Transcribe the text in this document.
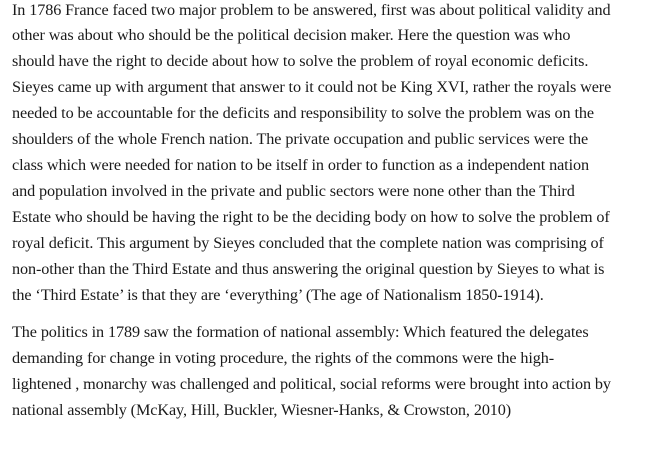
In 1786 France faced two major problem to be answered, first was about political validity and
other was about who should be the political decision maker. Here the question was who
should have the right to decide about how to solve the problem of royal economic deficits.
Sieyes came up with argument that answer to it could not be King XVI, rather the royals were
needed to be accountable for the deficits and responsibility to solve the problem was on the
shoulders of the whole French nation. The private occupation and public services were the
class which were needed for nation to be itself in order to function as a independent nation
and population involved in the private and public sectors were none other than the Third
Estate who should be having the right to be the deciding body on how to solve the problem of
royal deficit. This argument by Sieyes concluded that the complete nation was comprising of
non-other than the Third Estate and thus answering the original question by Sieyes to what is
the ‘Third Estate’ is that they are ‘everything’ (The age of Nationalism 1850-1914).
The politics in 1789 saw the formation of national assembly: Which featured the delegates
demanding for change in voting procedure, the rights of the commons were the high-
lightened , monarchy was challenged and political, social reforms were brought into action by
national assembly (McKay, Hill, Buckler, Wiesner-Hanks, & Crowston, 2010)
